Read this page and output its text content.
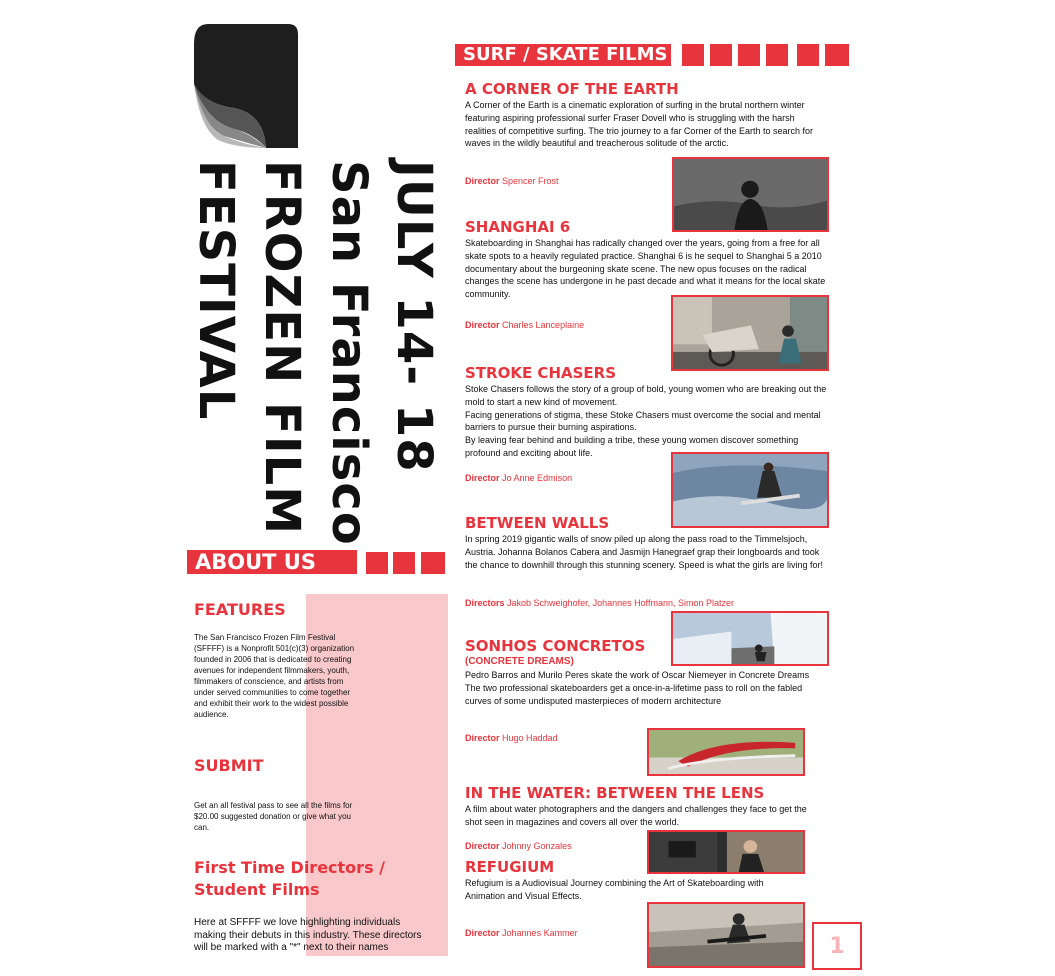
JULY 14- 18
San Francisco
FROZEN FILM
FESTIVAL
ABOUT US
FEATURES
The San Francisco Frozen Film Festival (SFFFF) is a Nonprofit 501(c)(3) organization founded in 2006 that is dedicated to creating avenues for independent filmmakers, youth, filmmakers of conscience, and artists from under served communities to come together and exhibit their work to the widest possible audience.
SUBMIT
Get an all festival pass to see all the films for $20.00 suggested donation or give what you can.
First Time Directors /
Student Films
Here at SFFFF we love highlighting individuals making their debuts in this industry. These directors will be marked with a "*" next to their names
SURF / SKATE FILMS
A CORNER OF THE EARTH
A Corner of the Earth is a cinematic exploration of surfing in the brutal northern winter featuring aspiring professional surfer Fraser Dovell who is struggling with the harsh realities of competitive surfing. The trio journey to a far Corner of the Earth to search for waves in the wildly beautiful and treacherous solitude of the arctic.
Director Spencer Frost
SHANGHAI 6
Skateboarding in Shanghai has radically changed over the years, going from a free for all skate spots to a heavily regulated practice. Shanghai 6 is he sequel to Shanghai 5 a 2010 documentary about the burgeoning skate scene. The new opus focuses on the radical changes the scene has undergone in he past decade and what it means for the local skate community.
Director Charles Lanceplaine
STROKE CHASERS
Stoke Chasers follows the story of a group of bold, young women who are breaking out the mold to start a new kind of movement.
Facing generations of stigma, these Stoke Chasers must overcome the social and mental barriers to pursue their burning aspirations.
By leaving fear behind and building a tribe, these young women discover something profound and exciting about life.
Director Jo Anne Edmison
BETWEEN WALLS
In spring 2019 gigantic walls of snow piled up along the pass road to the Timmelsjoch, Austria. Johanna Bolanos Cabera and Jasmijn Hanegraef grap their longboards and took the chance to downhill through this stunning scenery. Speed is what the girls are living for!
Directors Jakob Schweighofer, Johannes Hoffmann, Simon Platzer
SONHOS CONCRETOS
(CONCRETE DREAMS)
Pedro Barros and Murilo Peres skate the work of Oscar Niemeyer in Concrete Dreams
The two professional skateboarders get a once-in-a-lifetime pass to roll on the fabled curves of some undisputed masterpieces of modern architecture
Director Hugo Haddad
IN THE WATER: BETWEEN THE LENS
A film about water photographers and the dangers and challenges they face to get the shot seen in magazines and covers all over the world.
Director Johnny Gonzales
REFUGIUM
Refugium is a Audiovisual Journey combining the Art of Skateboarding with Animation and Visual Effects.
Director Johannes Kammer
1
